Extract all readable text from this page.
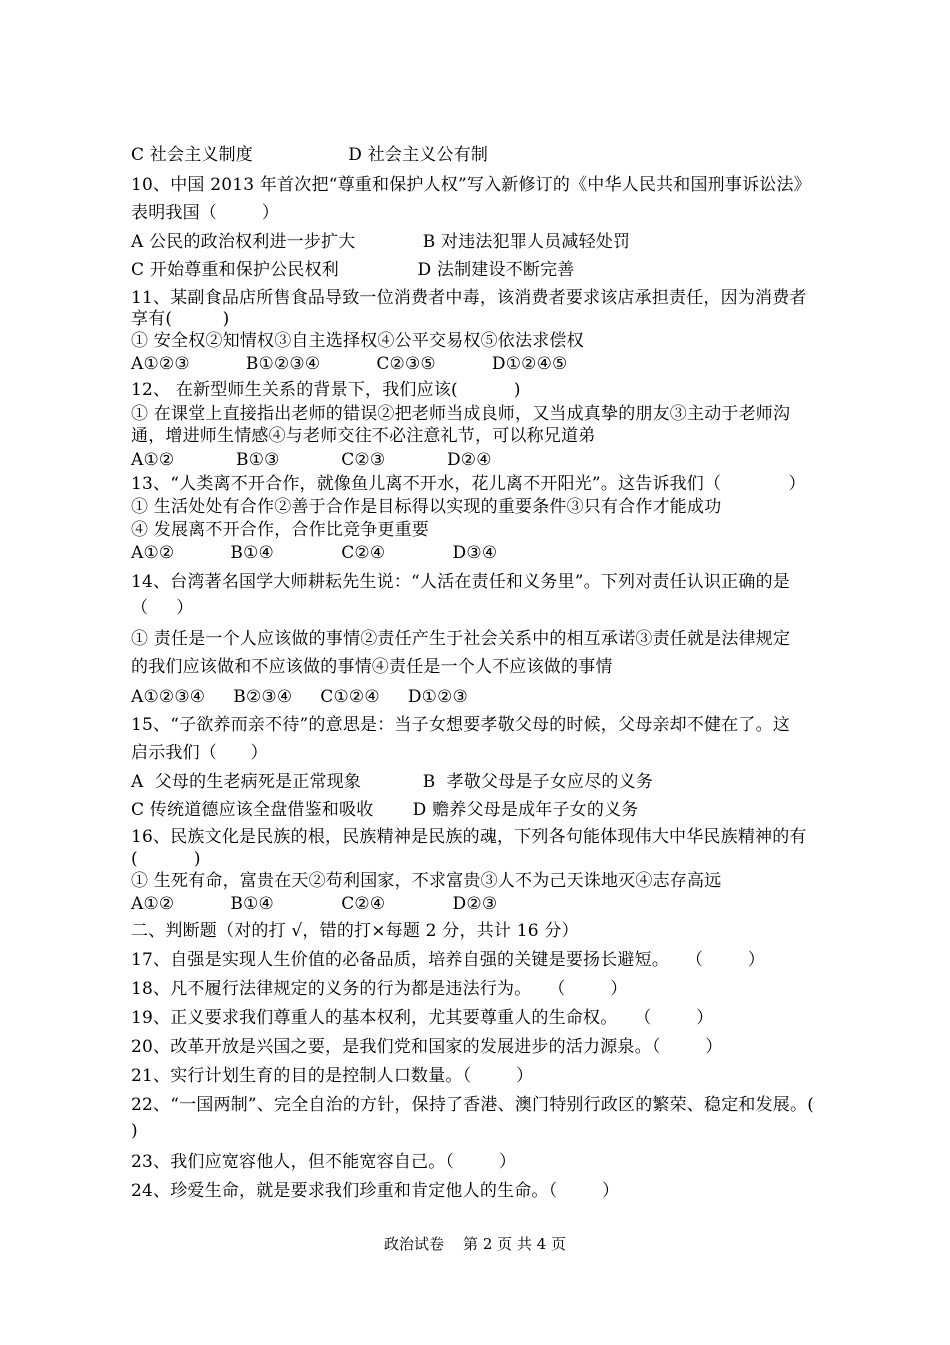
C 社会主义制度                 D 社会主义公有制
10、中国 2013 年首次把“尊重和保护人权”写入新修订的《中华人民共和国刑事诉讼法》
表明我国（        ）
A 公民的政治权利进一步扩大            B 对违法犯罪人员减轻处罚
C 开始尊重和保护公民权利              D 法制建设不断完善
11、某副食品店所售食品导致一位消费者中毒，该消费者要求该店承担责任，因为消费者
享有(         )
① 安全权②知情权③自主选择权④公平交易权⑤依法求偿权
A①②③          B①②③④          C②③⑤          D①②④⑤
12、 在新型师生关系的背景下，我们应该(          )
① 在课堂上直接指出老师的错误②把老师当成良师，又当成真挚的朋友③主动于老师沟
通，增进师生情感④与老师交往不必注意礼节，可以称兄道弟
A①②           B①③           C②③           D②④
13、“人类离不开合作，就像鱼儿离不开水，花儿离不开阳光”。这告诉我们（            ）
① 生活处处有合作②善于合作是目标得以实现的重要条件③只有合作才能成功
④ 发展离不开合作，合作比竞争更重要
A①②          B①④            C②④            D③④
14、台湾著名国学大师耕耘先生说：“人活在责任和义务里”。下列对责任认识正确的是
（     ）
① 责任是一个人应该做的事情②责任产生于社会关系中的相互承诺③责任就是法律规定
的我们应该做和不应该做的事情④责任是一个人不应该做的事情
A①②③④     B②③④     C①②④     D①②③
15、“子欲养而亲不待”的意思是：当子女想要孝敬父母的时候，父母亲却不健在了。这
启示我们（      ）
A  父母的生老病死是正常现象           B  孝敬父母是子女应尽的义务
C 传统道德应该全盘借鉴和吸收       D 赡养父母是成年子女的义务
16、民族文化是民族的根，民族精神是民族的魂，下列各句能体现伟大中华民族精神的有
(          )
① 生死有命，富贵在天②苟利国家，不求富贵③人不为己天诛地灭④志存高远
A①②          B①④            C②④            D②③
二、判断题（对的打 √，错的打×每题 2 分，共计 16 分）
17、自强是实现人生价值的必备品质，培养自强的关键是要扬长避短。   （        ）
18、凡不履行法律规定的义务的行为都是违法行为。   （        ）
19、正义要求我们尊重人的基本权利，尤其要尊重人的生命权。   （        ）
20、改革开放是兴国之要，是我们党和国家的发展进步的活力源泉。（        ）
21、实行计划生育的目的是控制人口数量。（        ）
22、“一国两制”、完全自治的方针，保持了香港、澳门特别行政区的繁荣、稳定和发展。(
)
23、我们应宽容他人，但不能宽容自己。（        ）
24、珍爱生命，就是要求我们珍重和肯定他人的生命。（        ）
政治试卷    第 2 页 共 4 页
